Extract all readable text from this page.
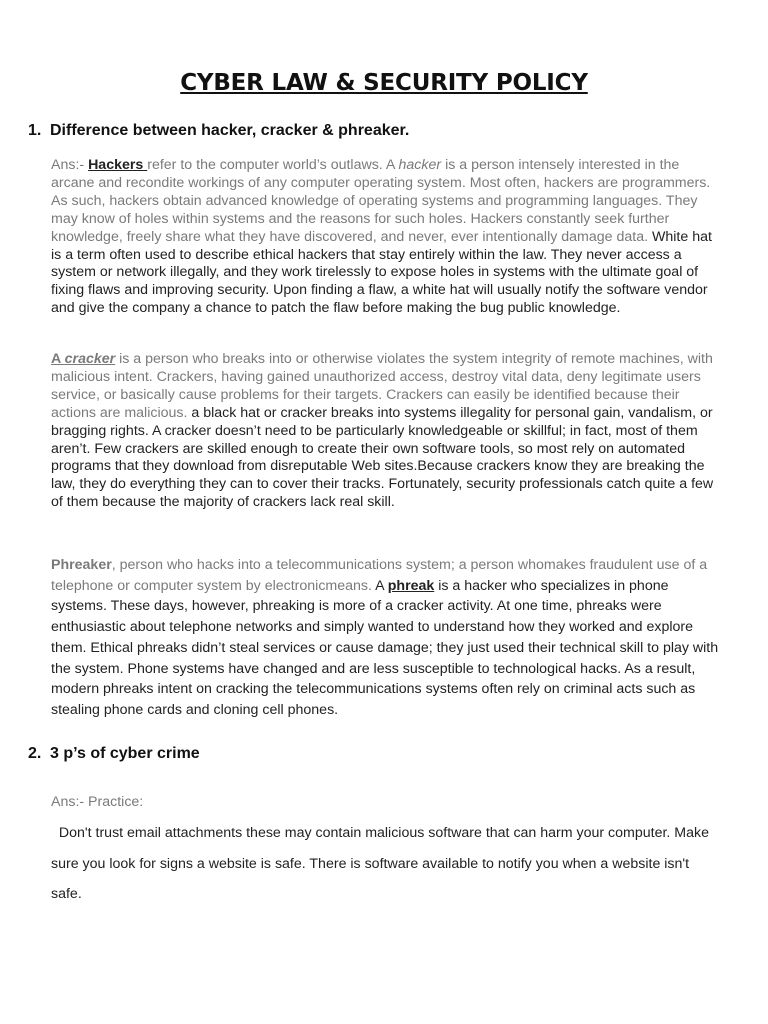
CYBER LAW & SECURITY POLICY
1. Difference between hacker, cracker & phreaker.
Ans:- Hackers refer to the computer world’s outlaws. A hacker is a person intensely interested in the arcane and recondite workings of any computer operating system. Most often, hackers are programmers. As such, hackers obtain advanced knowledge of operating systems and programming languages. They may know of holes within systems and the reasons for such holes. Hackers constantly seek further knowledge, freely share what they have discovered, and never, ever intentionally damage data. White hat is a term often used to describe ethical hackers that stay entirely within the law. They never access a system or network illegally, and they work tirelessly to expose holes in systems with the ultimate goal of fixing flaws and improving security. Upon finding a flaw, a white hat will usually notify the software vendor and give the company a chance to patch the flaw before making the bug public knowledge.
A cracker is a person who breaks into or otherwise violates the system integrity of remote machines, with malicious intent. Crackers, having gained unauthorized access, destroy vital data, deny legitimate users service, or basically cause problems for their targets. Crackers can easily be identified because their actions are malicious. a black hat or cracker breaks into systems illegality for personal gain, vandalism, or bragging rights. A cracker doesn’t need to be particularly knowledgeable or skillful; in fact, most of them aren’t. Few crackers are skilled enough to create their own software tools, so most rely on automated programs that they download from disreputable Web sites.Because crackers know they are breaking the law, they do everything they can to cover their tracks. Fortunately, security professionals catch quite a few of them because the majority of crackers lack real skill.
Phreaker, person who hacks into a telecommunications system; a person whomakes fraudulent use of a telephone or computer system by electronicmeans. A phreak is a hacker who specializes in phone systems. These days, however, phreaking is more of a cracker activity. At one time, phreaks were enthusiastic about telephone networks and simply wanted to understand how they worked and explore them. Ethical phreaks didn’t steal services or cause damage; they just used their technical skill to play with the system. Phone systems have changed and are less susceptible to technological hacks. As a result, modern phreaks intent on cracking the telecommunications systems often rely on criminal acts such as stealing phone cards and cloning cell phones.
2. 3 p’s of cyber crime
Ans:- Practice:
Don't trust email attachments these may contain malicious software that can harm your computer. Make sure you look for signs a website is safe. There is software available to notify you when a website isn't safe.
